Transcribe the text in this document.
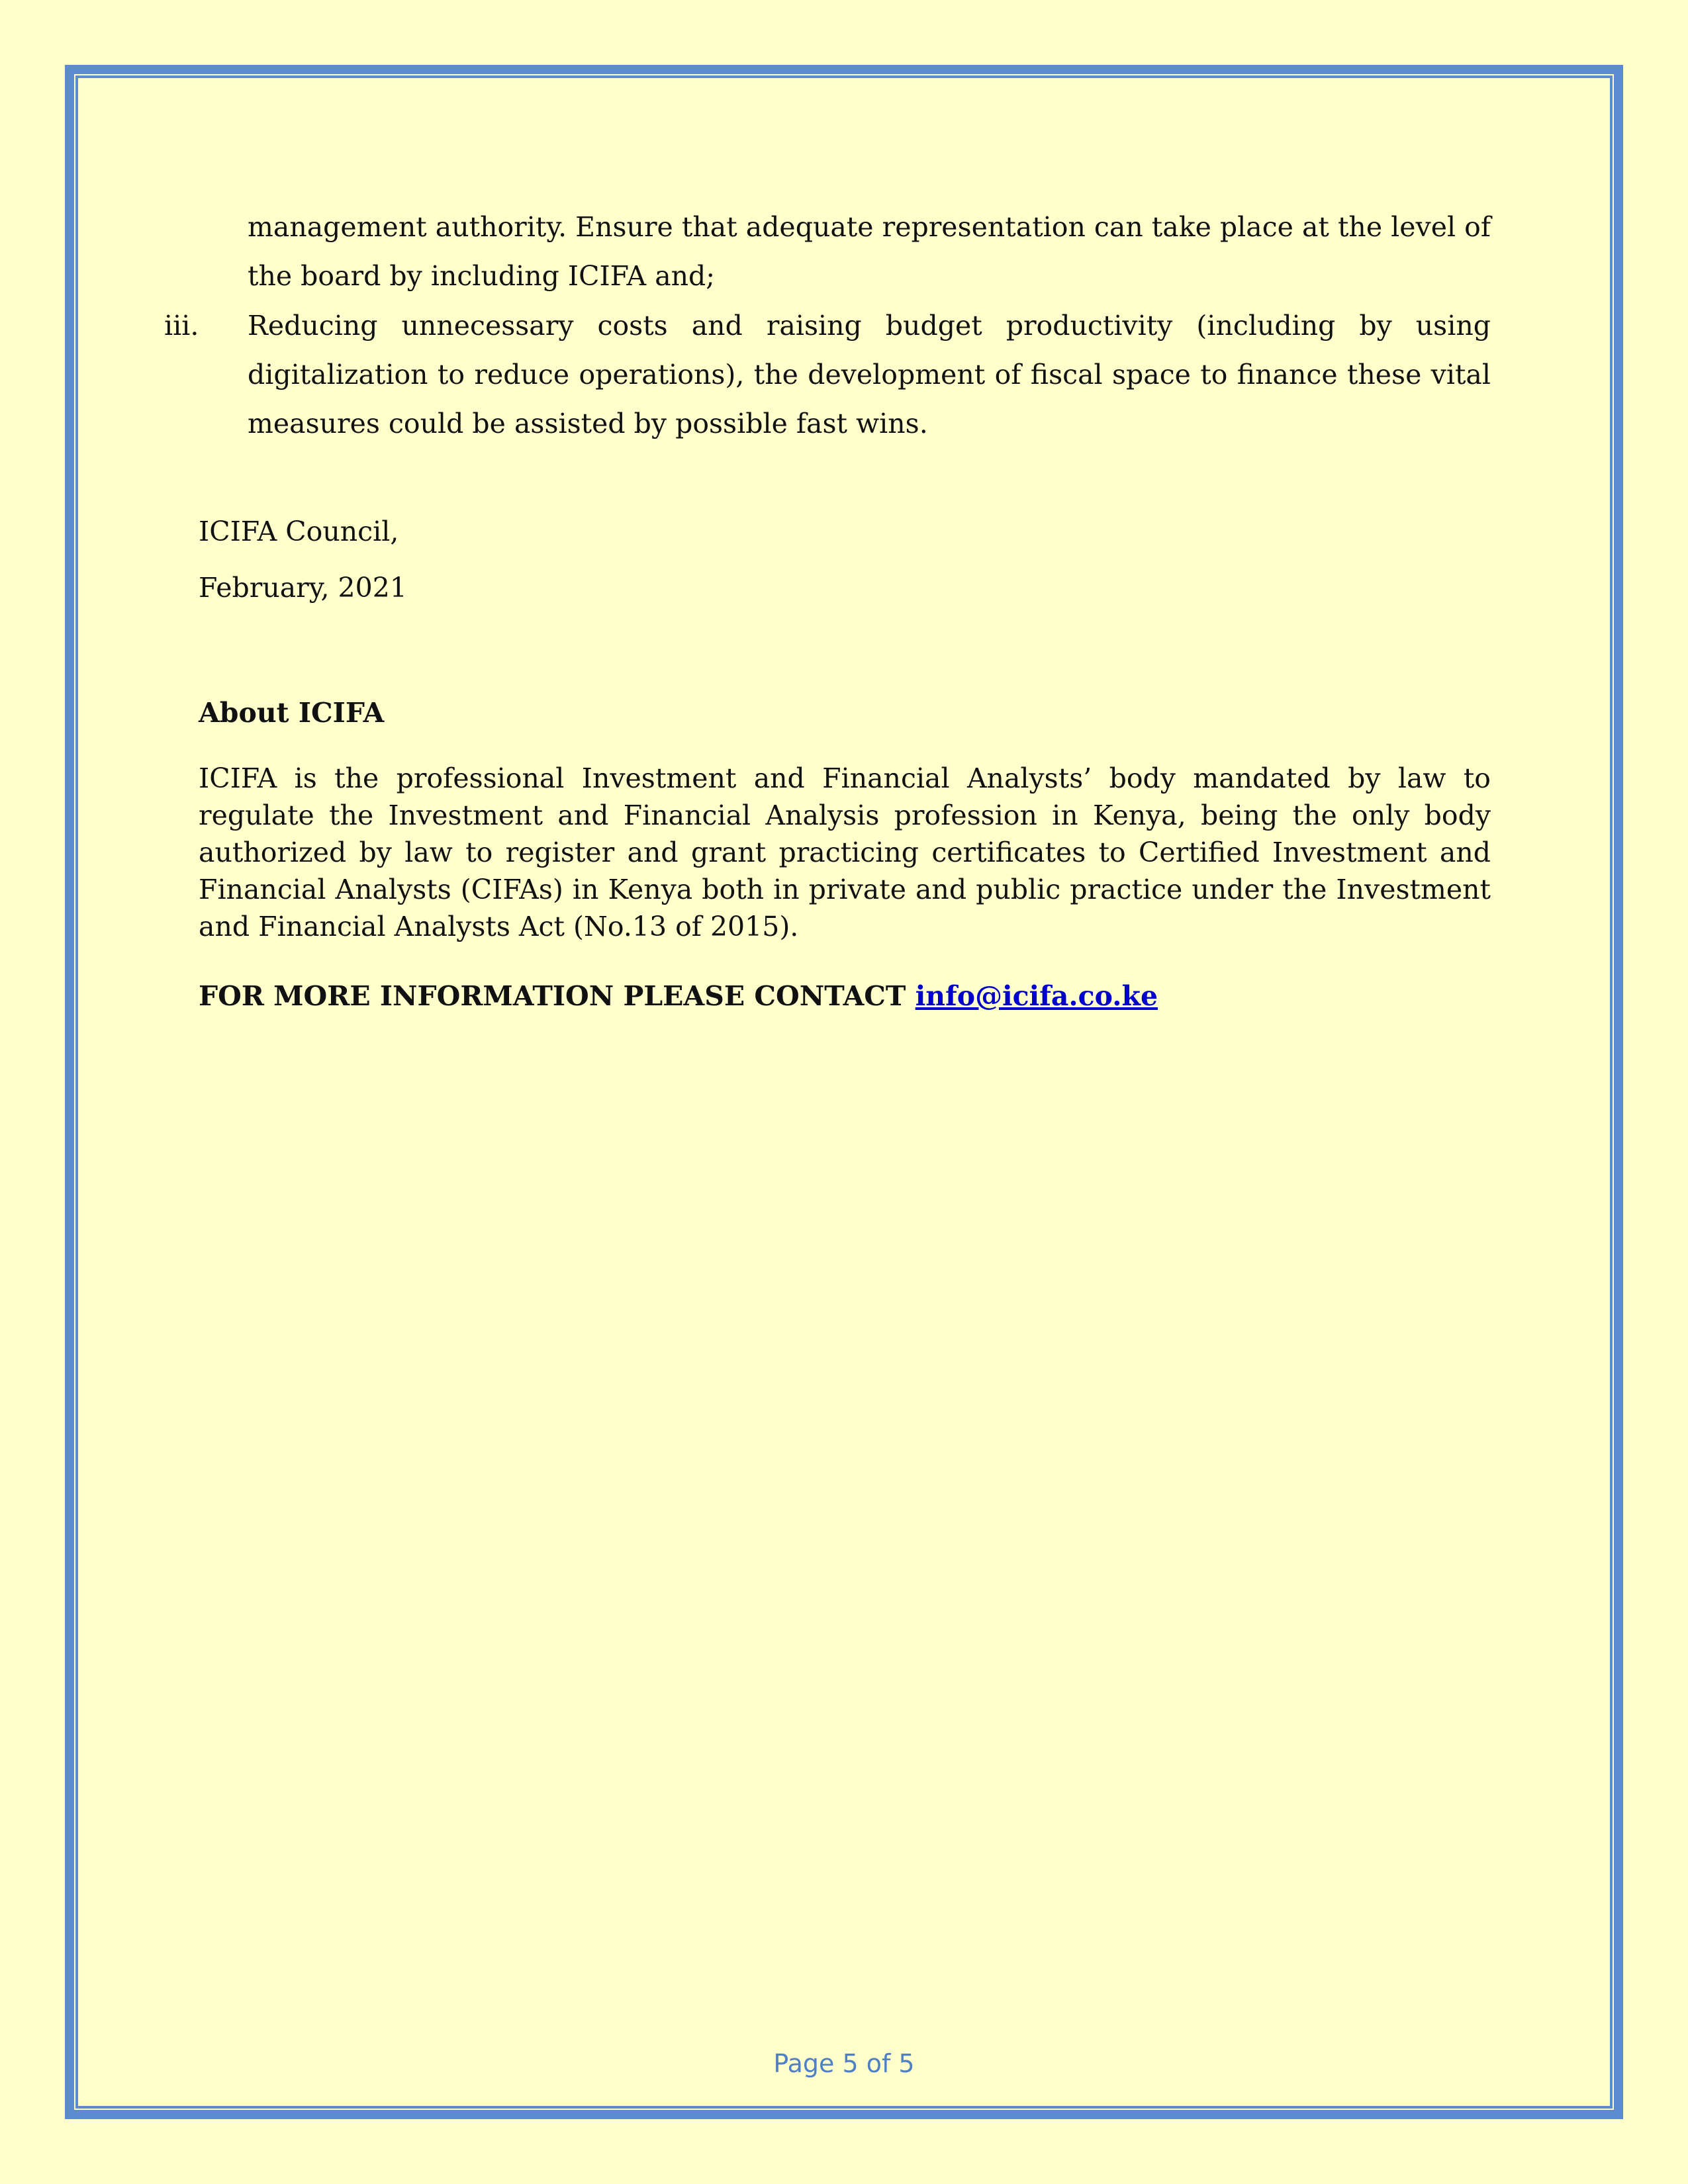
management authority. Ensure that adequate representation can take place at the level of the board by including ICIFA and;

iii. Reducing unnecessary costs and raising budget productivity (including by using digitalization to reduce operations), the development of fiscal space to finance these vital measures could be assisted by possible fast wins.

ICIFA Council,

February, 2021

About ICIFA

ICIFA is the professional Investment and Financial Analysts’ body mandated by law to regulate the Investment and Financial Analysis profession in Kenya, being the only body authorized by law to register and grant practicing certificates to Certified Investment and Financial Analysts (CIFAs) in Kenya both in private and public practice under the Investment and Financial Analysts Act (No.13 of 2015).

FOR MORE INFORMATION PLEASE CONTACT info@icifa.co.ke

Page 5 of 5
